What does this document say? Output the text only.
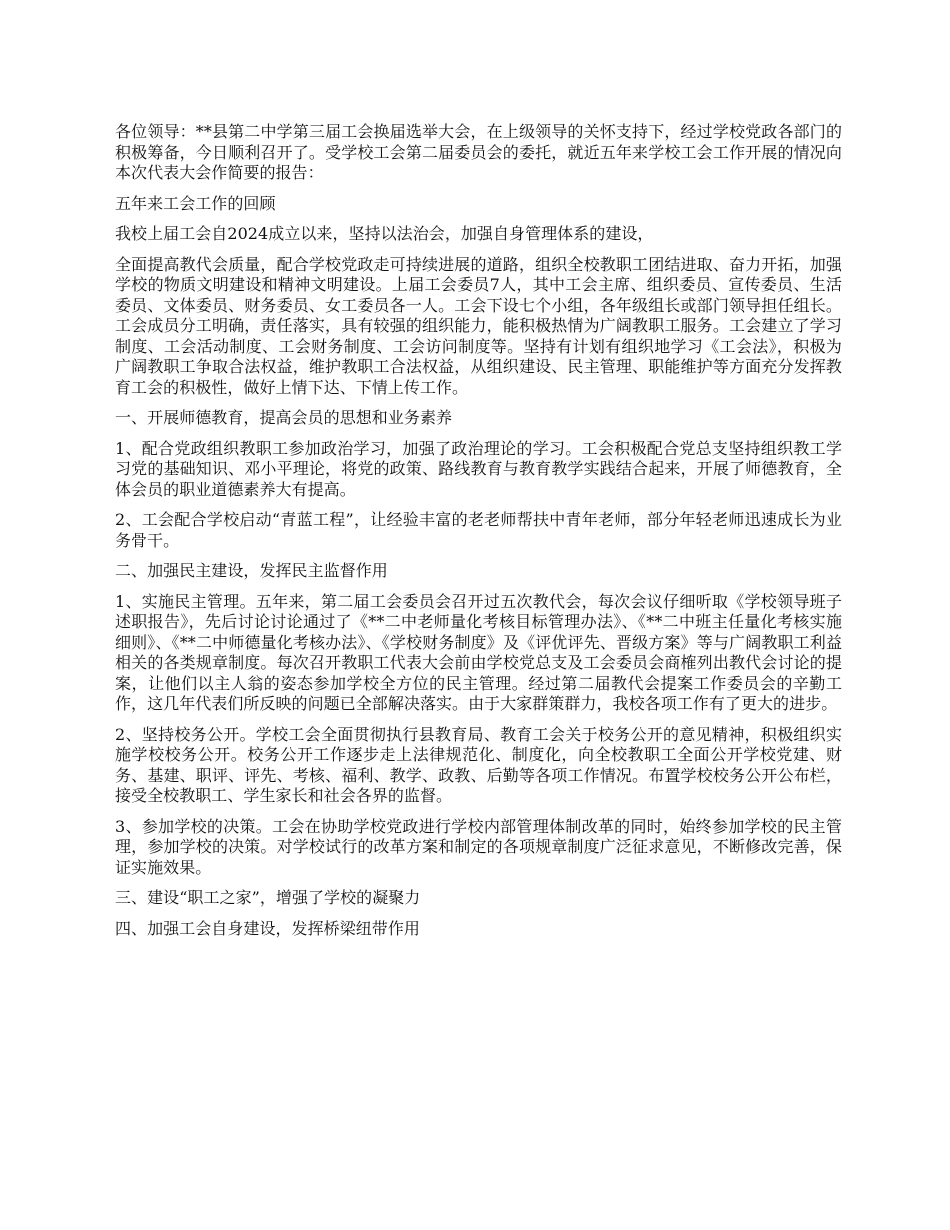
各位领导：**县第二中学第三届工会换届选举大会，在上级领导的关怀支持下，经过学校党政各部门的积极筹备，今日顺利召开了。受学校工会第二届委员会的委托，就近五年来学校工会工作开展的情况向本次代表大会作简要的报告：

五年来工会工作的回顾

我校上届工会自2024成立以来，坚持以法治会，加强自身管理体系的建设，

全面提高教代会质量，配合学校党政走可持续进展的道路，组织全校教职工团结进取、奋力开拓，加强学校的物质文明建设和精神文明建设。上届工会委员7人，其中工会主席、组织委员、宣传委员、生活委员、文体委员、财务委员、女工委员各一人。工会下设七个小组，各年级组长或部门领导担任组长。工会成员分工明确，责任落实，具有较强的组织能力，能积极热情为广阔教职工服务。工会建立了学习制度、工会活动制度、工会财务制度、工会访问制度等。坚持有计划有组织地学习《工会法》，积极为广阔教职工争取合法权益，维护教职工合法权益，从组织建设、民主管理、职能维护等方面充分发挥教育工会的积极性，做好上情下达、下情上传工作。

一、开展师德教育，提高会员的思想和业务素养

1、配合党政组织教职工参加政治学习，加强了政治理论的学习。工会积极配合党总支坚持组织教工学习党的基础知识、邓小平理论，将党的政策、路线教育与教育教学实践结合起来，开展了师德教育，全体会员的职业道德素养大有提高。

2、工会配合学校启动“青蓝工程”，让经验丰富的老老师帮扶中青年老师，部分年轻老师迅速成长为业务骨干。

二、加强民主建设，发挥民主监督作用

1、实施民主管理。五年来，第二届工会委员会召开过五次教代会，每次会议仔细听取《学校领导班子述职报告》，先后讨论讨论通过了《**二中老师量化考核目标管理办法》、《**二中班主任量化考核实施细则》、《**二中师德量化考核办法》、《学校财务制度》及《评优评先、晋级方案》等与广阔教职工利益相关的各类规章制度。每次召开教职工代表大会前由学校党总支及工会委员会商榷列出教代会讨论的提案，让他们以主人翁的姿态参加学校全方位的民主管理。经过第二届教代会提案工作委员会的辛勤工作，这几年代表们所反映的问题已全部解决落实。由于大家群策群力，我校各项工作有了更大的进步。

2、坚持校务公开。学校工会全面贯彻执行县教育局、教育工会关于校务公开的意见精神，积极组织实施学校校务公开。校务公开工作逐步走上法律规范化、制度化，向全校教职工全面公开学校党建、财务、基建、职评、评先、考核、福利、教学、政教、后勤等各项工作情况。布置学校校务公开公布栏，接受全校教职工、学生家长和社会各界的监督。

3、参加学校的决策。工会在协助学校党政进行学校内部管理体制改革的同时，始终参加学校的民主管理，参加学校的决策。对学校试行的改革方案和制定的各项规章制度广泛征求意见，不断修改完善，保证实施效果。

三、建设“职工之家”，增强了学校的凝聚力

四、加强工会自身建设，发挥桥梁纽带作用
